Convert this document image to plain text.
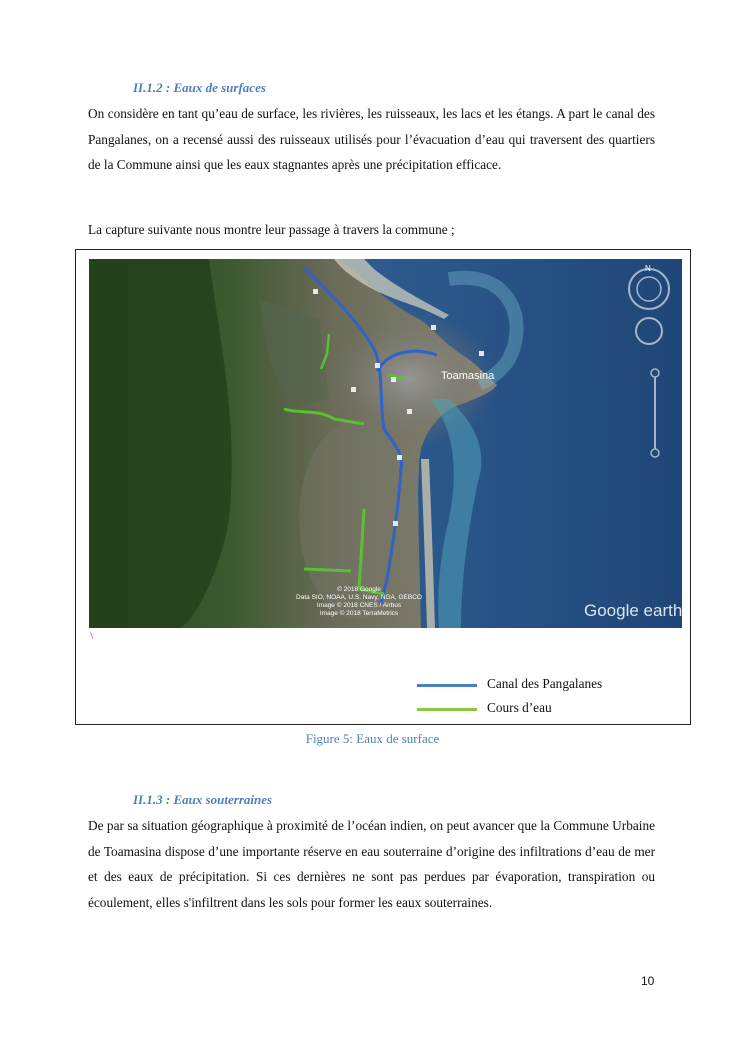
II.1.2 : Eaux de surfaces

On considère en tant qu’eau de surface, les rivières, les ruisseaux, les lacs et les étangs. A part le canal des Pangalanes, on a recensé aussi des ruisseaux utilisés pour l’évacuation d’eau qui traversent des quartiers de la Commune ainsi que les eaux stagnantes après une précipitation efficace.

La capture suivante nous montre leur passage à travers la commune ;

Toamasina
N
© 2018 Google
Data SIO, NOAA, U.S. Navy, NGA, GEBCO
Image © 2018 CNES / Airbus
Image © 2018 TerraMetrics	Google earth
\
Canal des Pangalanes
Cours d’eau
Figure 5: Eaux de surface
II.1.3 : Eaux souterraines

De par sa situation géographique à proximité de l’océan indien, on peut avancer que la Commune Urbaine de Toamasina dispose d’une importante réserve en eau souterraine d’origine des infiltrations d’eau de mer et des eaux de précipitation. Si ces dernières ne sont pas perdues par évaporation, transpiration ou écoulement, elles s'infiltrent dans les sols pour former les eaux souterraines.

10
